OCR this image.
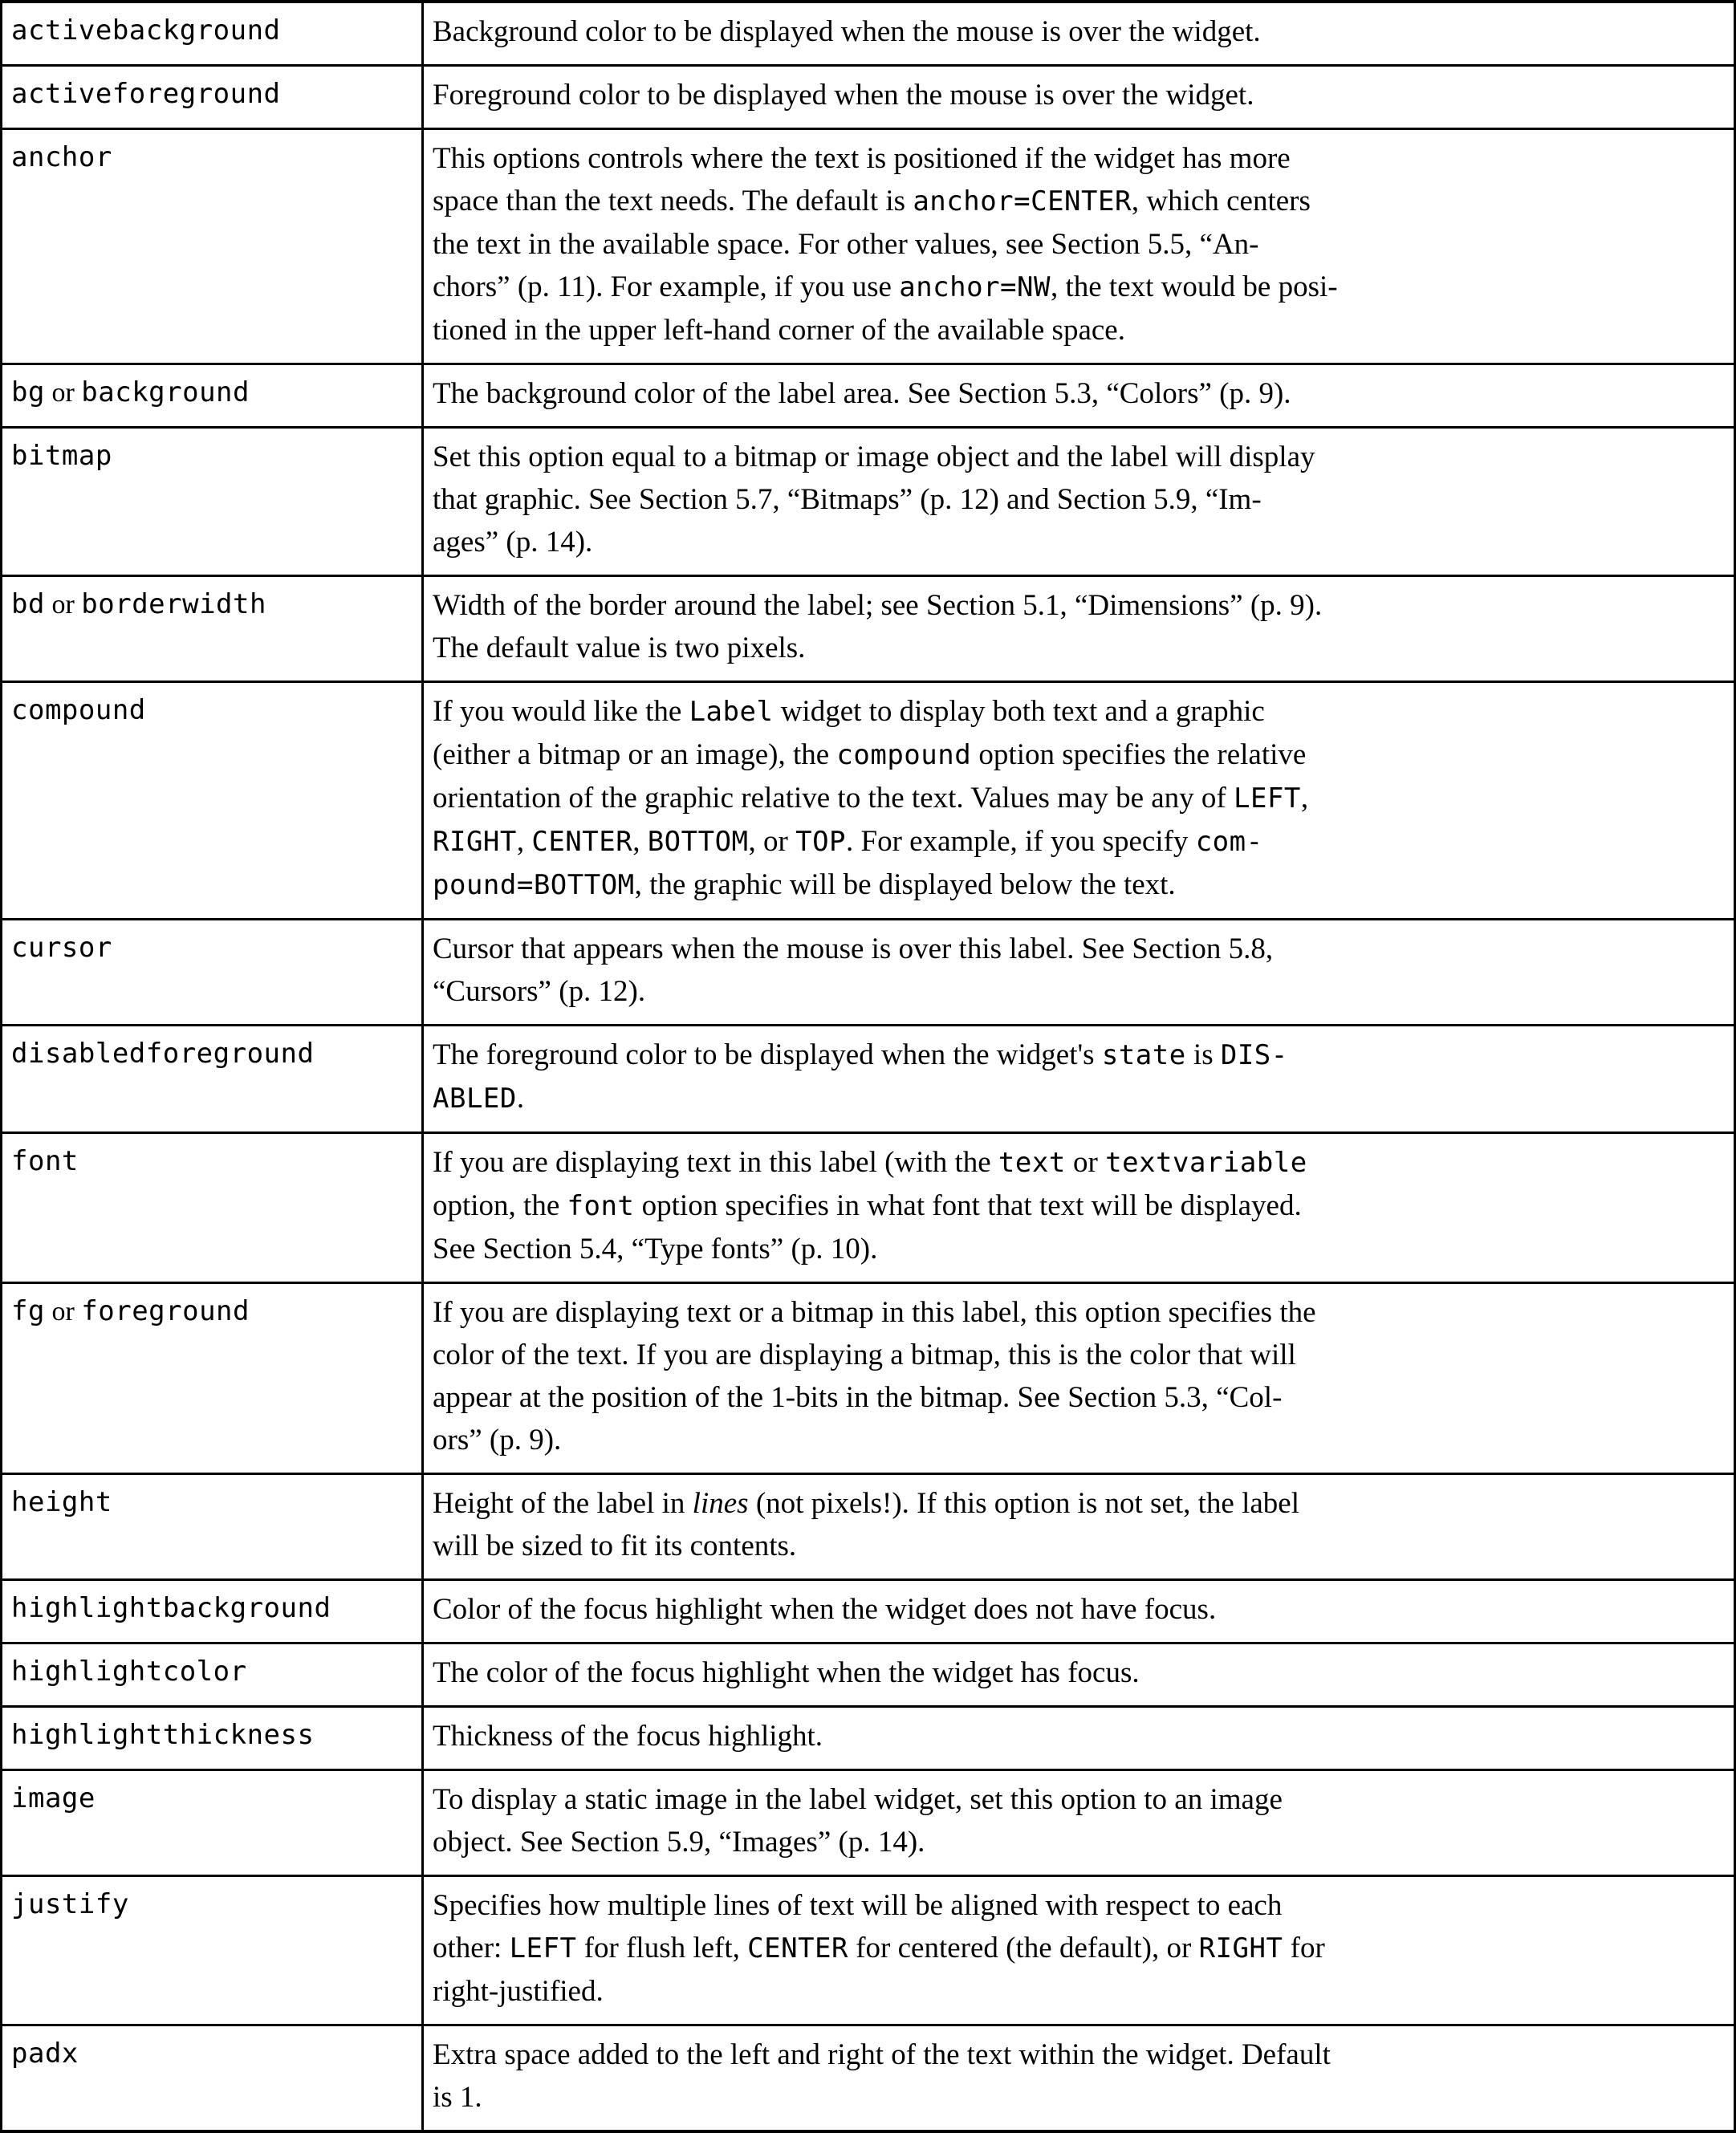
activebackground	Background color to be displayed when the mouse is over the widget.

activeforeground	Foreground color to be displayed when the mouse is over the widget.

anchor	This options controls where the text is positioned if the widget has more
space than the text needs. The default is anchor=CENTER, which centers
the text in the available space. For other values, see Section 5.5, “An-
chors” (p. 11). For example, if you use anchor=NW, the text would be posi-
tioned in the upper left-hand corner of the available space.

bg or background	The background color of the label area. See Section 5.3, “Colors” (p. 9).

bitmap	Set this option equal to a bitmap or image object and the label will display
that graphic. See Section 5.7, “Bitmaps” (p. 12) and Section 5.9, “Im-
ages” (p. 14).

bd or borderwidth	Width of the border around the label; see Section 5.1, “Dimensions” (p. 9).
The default value is two pixels.

compound	If you would like the Label widget to display both text and a graphic
(either a bitmap or an image), the compound option specifies the relative
orientation of the graphic relative to the text. Values may be any of LEFT,
RIGHT, CENTER, BOTTOM, or TOP. For example, if you specify com-
pound=BOTTOM, the graphic will be displayed below the text.

cursor	Cursor that appears when the mouse is over this label. See Section 5.8,
“Cursors” (p. 12).

disabledforeground	The foreground color to be displayed when the widget's state is DIS-
ABLED.

font	If you are displaying text in this label (with the text or textvariable
option, the font option specifies in what font that text will be displayed.
See Section 5.4, “Type fonts” (p. 10).

fg or foreground	If you are displaying text or a bitmap in this label, this option specifies the
color of the text. If you are displaying a bitmap, this is the color that will
appear at the position of the 1-bits in the bitmap. See Section 5.3, “Col-
ors” (p. 9).

height	Height of the label in lines (not pixels!). If this option is not set, the label
will be sized to fit its contents.

highlightbackground	Color of the focus highlight when the widget does not have focus.

highlightcolor	The color of the focus highlight when the widget has focus.

highlightthickness	Thickness of the focus highlight.

image	To display a static image in the label widget, set this option to an image
object. See Section 5.9, “Images” (p. 14).

justify	Specifies how multiple lines of text will be aligned with respect to each
other: LEFT for flush left, CENTER for centered (the default), or RIGHT for
right-justified.

padx	Extra space added to the left and right of the text within the widget. Default
is 1.
